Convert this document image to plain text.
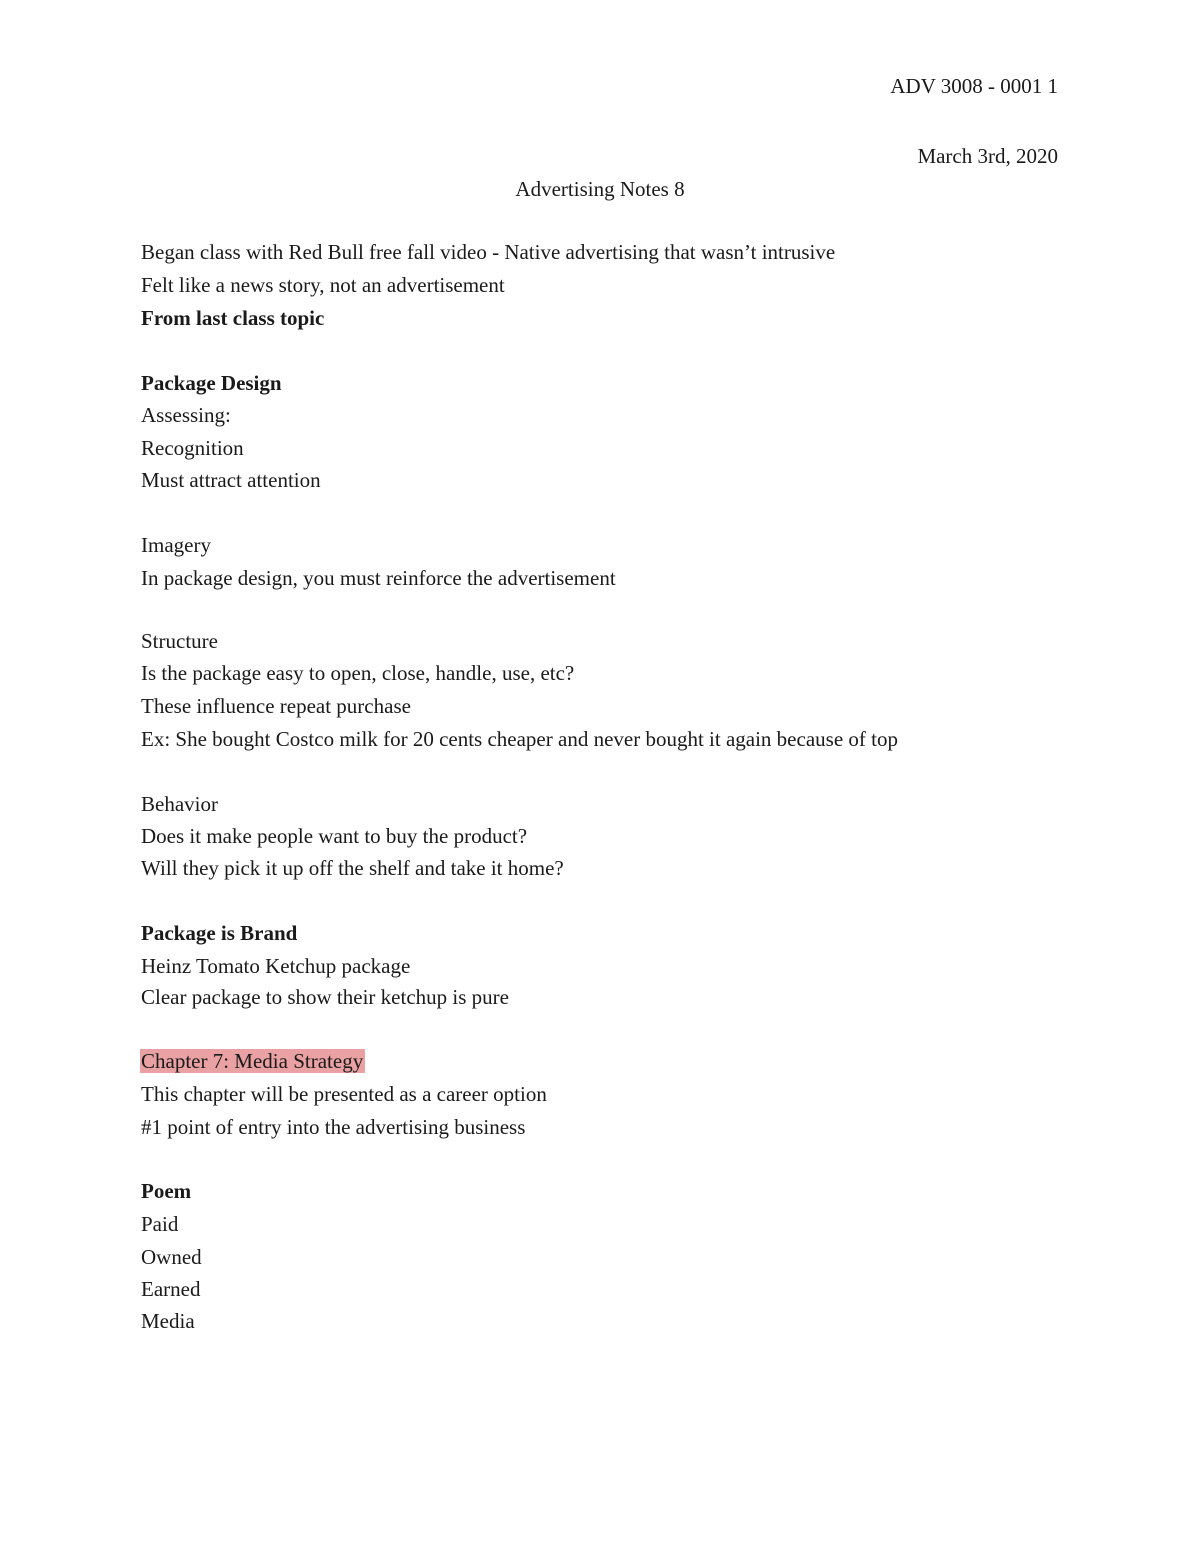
ADV 3008 - 0001 1
March 3rd, 2020
Advertising Notes 8
Began class with Red Bull free fall video - Native advertising that wasn’t intrusive
Felt like a news story, not an advertisement
From last class topic
Package Design
Assessing:
Recognition
Must attract attention
Imagery
In package design, you must reinforce the advertisement
Structure
Is the package easy to open, close, handle, use, etc?
These influence repeat purchase
Ex: She bought Costco milk for 20 cents cheaper and never bought it again because of top
Behavior
Does it make people want to buy the product?
Will they pick it up off the shelf and take it home?
Package is Brand
Heinz Tomato Ketchup package
Clear package to show their ketchup is pure
Chapter 7: Media Strategy
This chapter will be presented as a career option
#1 point of entry into the advertising business
Poem
Paid
Owned
Earned
Media
